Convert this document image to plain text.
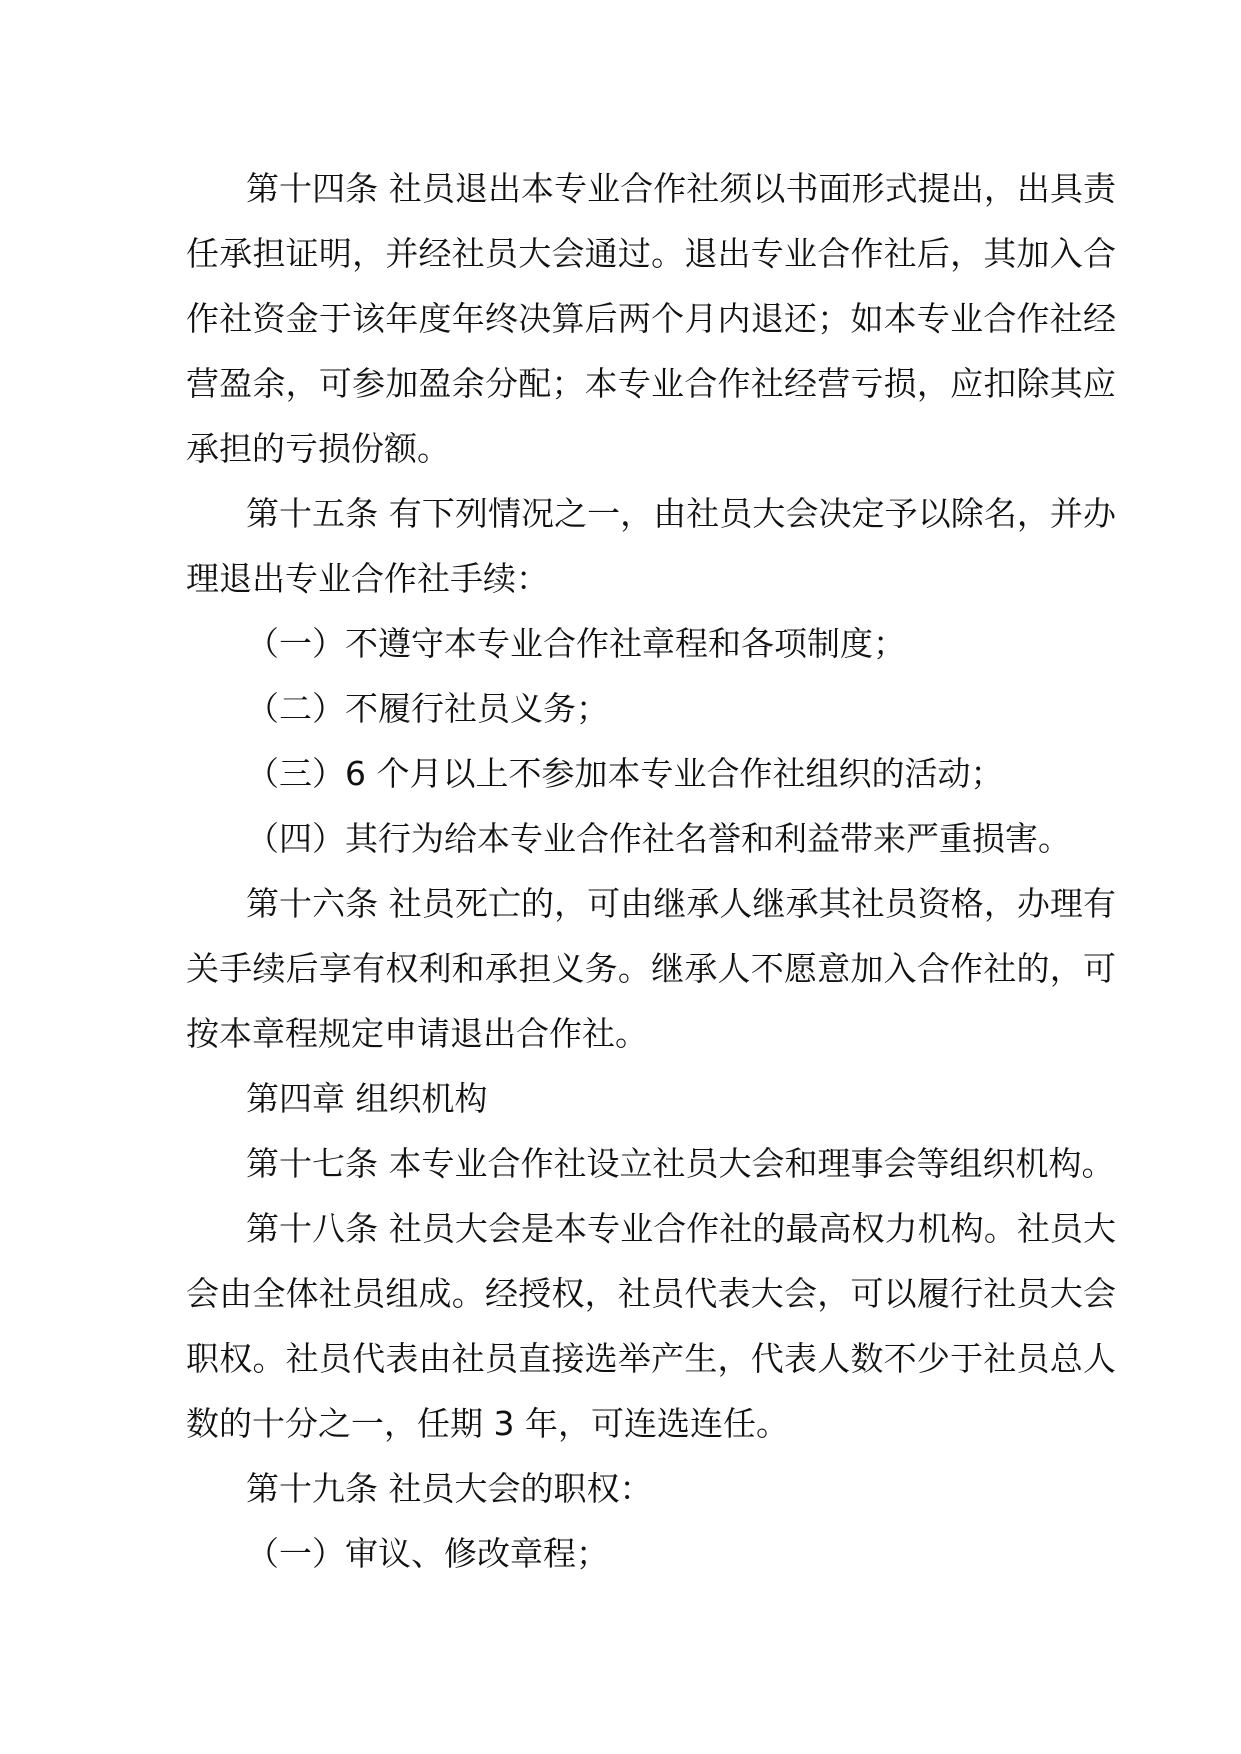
第十四条 社员退出本专业合作社须以书面形式提出，出具责任承担证明，并经社员大会通过。退出专业合作社后，其加入合作社资金于该年度年终决算后两个月内退还；如本专业合作社经营盈余，可参加盈余分配；本专业合作社经营亏损，应扣除其应承担的亏损份额。

第十五条 有下列情况之一，由社员大会决定予以除名，并办理退出专业合作社手续：

（一）不遵守本专业合作社章程和各项制度；

（二）不履行社员义务；

（三）6 个月以上不参加本专业合作社组织的活动；

（四）其行为给本专业合作社名誉和利益带来严重损害。

第十六条 社员死亡的，可由继承人继承其社员资格，办理有关手续后享有权利和承担义务。继承人不愿意加入合作社的，可按本章程规定申请退出合作社。

第四章 组织机构

第十七条 本专业合作社设立社员大会和理事会等组织机构。

第十八条 社员大会是本专业合作社的最高权力机构。社员大会由全体社员组成。经授权，社员代表大会，可以履行社员大会职权。社员代表由社员直接选举产生，代表人数不少于社员总人数的十分之一，任期 3 年，可连选连任。

第十九条 社员大会的职权：

（一）审议、修改章程；
